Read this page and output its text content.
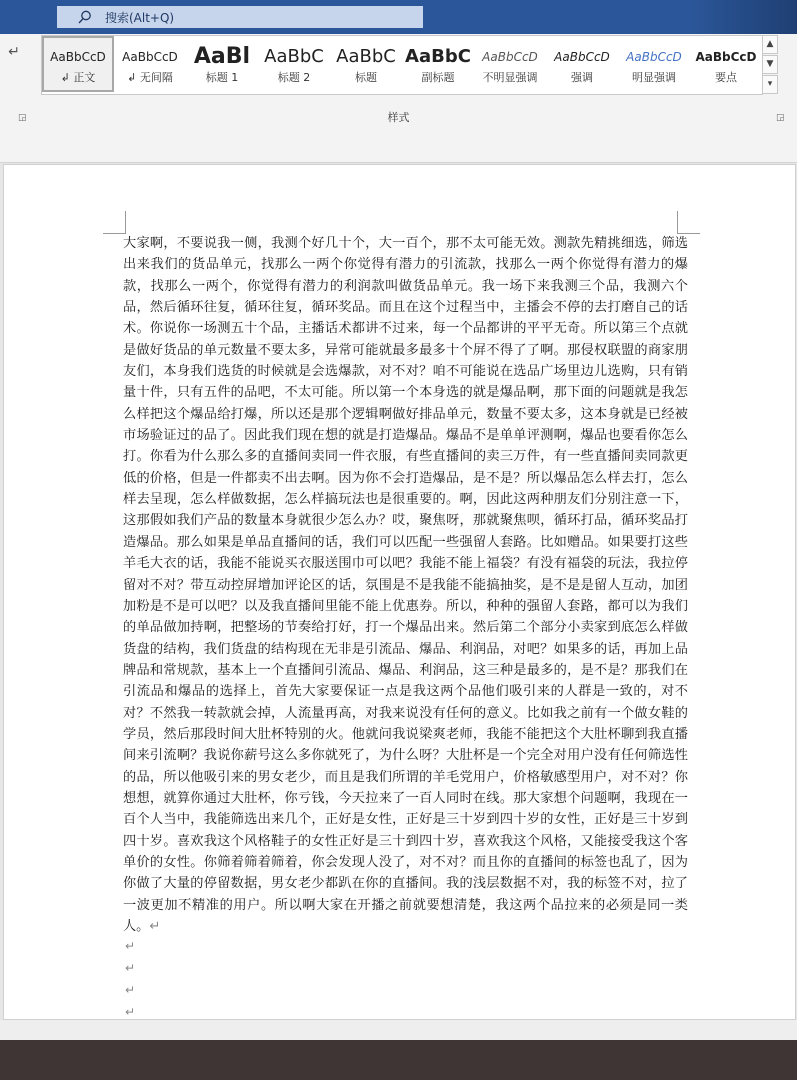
搜索(Alt+Q)
↵	AaBbCcD
↲ 正文
AaBbCcD
↲ 无间隔
AaBl
标题 1
AaBbC
标题 2
AaBbC
标题
AaBbC
副标题
AaBbCcD
不明显强调
AaBbCcD
强调
AaBbCcD
明显强调
AaBbCcD
要点
▲
▼
▾
样式
◲	◲
大家啊，不要说我一侧，我测个好几十个，大一百个，那不太可能无效。测款先精挑细选，筛选出来我们的货品单元，找那么一两个你觉得有潜力的引流款，找那么一两个你觉得有潜力的爆款，找那么一两个，你觉得有潜力的利润款叫做货品单元。我一场下来我测三个品，我测六个品，然后循环往复，循环往复，循环奖品。而且在这个过程当中，主播会不停的去打磨自己的话术。你说你一场测五十个品，主播话术都讲不过来，每一个品都讲的平平无奇。所以第三个点就是做好货品的单元数量不要太多，异常可能就最多最多十个屏不得了了啊。那侵权联盟的商家朋友们，本身我们选货的时候就是会选爆款，对不对？咱不可能说在选品广场里边儿选购，只有销量十件，只有五件的品吧，不太可能。所以第一个本身选的就是爆品啊，那下面的问题就是我怎么样把这个爆品给打爆，所以还是那个逻辑啊做好排品单元，数量不要太多，这本身就是已经被市场验证过的品了。因此我们现在想的就是打造爆品。爆品不是单单评测啊，爆品也要看你怎么打。你看为什么那么多的直播间卖同一件衣服，有些直播间的卖三万件，有一些直播间卖同款更低的价格，但是一件都卖不出去啊。因为你不会打造爆品，是不是？所以爆品怎么样去打，怎么样去呈现，怎么样做数据，怎么样搞玩法也是很重要的。啊，因此这两种朋友们分别注意一下，这那假如我们产品的数量本身就很少怎么办？哎，聚焦呀，那就聚焦呗，循环打品，循环奖品打造爆品。那么如果是单品直播间的话，我们可以匹配一些强留人套路。比如赠品。如果要打这些羊毛大衣的话，我能不能说买衣服送围巾可以吧？我能不能上福袋？有没有福袋的玩法，我拉停留对不对？带互动控屏增加评论区的话，氛围是不是我能不能搞抽奖，是不是是留人互动，加团加粉是不是可以吧？以及我直播间里能不能上优惠券。所以，种种的强留人套路，都可以为我们的单品做加持啊，把整场的节奏给打好，打一个爆品出来。然后第二个部分小卖家到底怎么样做货盘的结构，我们货盘的结构现在无非是引流品、爆品、利润品，对吧？如果多的话，再加上品牌品和常规款，基本上一个直播间引流品、爆品、利润品，这三种是最多的，是不是？那我们在引流品和爆品的选择上，首先大家要保证一点是我这两个品他们吸引来的人群是一致的，对不对？不然我一转款就会掉，人流量再高，对我来说没有任何的意义。比如我之前有一个做女鞋的学员，然后那段时间大肚杯特别的火。他就问我说梁爽老师，我能不能把这个大肚杯聊到我直播间来引流啊？我说你薪号这么多你就死了，为什么呀？大肚杯是一个完全对用户没有任何筛选性的品，所以他吸引来的男女老少，而且是我们所谓的羊毛党用户，价格敏感型用户，对不对？你想想，就算你通过大肚杯，你亏钱，今天拉来了一百人同时在线。那大家想个问题啊，我现在一百个人当中，我能筛选出来几个，正好是女性，正好是三十岁到四十岁的女性，正好是三十岁到四十岁。喜欢我这个风格鞋子的女性正好是三十到四十岁，喜欢我这个风格，又能接受我这个客单价的女性。你筛着筛着筛着，你会发现人没了，对不对？而且你的直播间的标签也乱了，因为你做了大量的停留数据，男女老少都趴在你的直播间。我的浅层数据不对，我的标签不对，拉了一波更加不精准的用户。所以啊大家在开播之前就要想清楚，我这两个品拉来的必须是同一类人。↵
↵
↵
↵
↵
